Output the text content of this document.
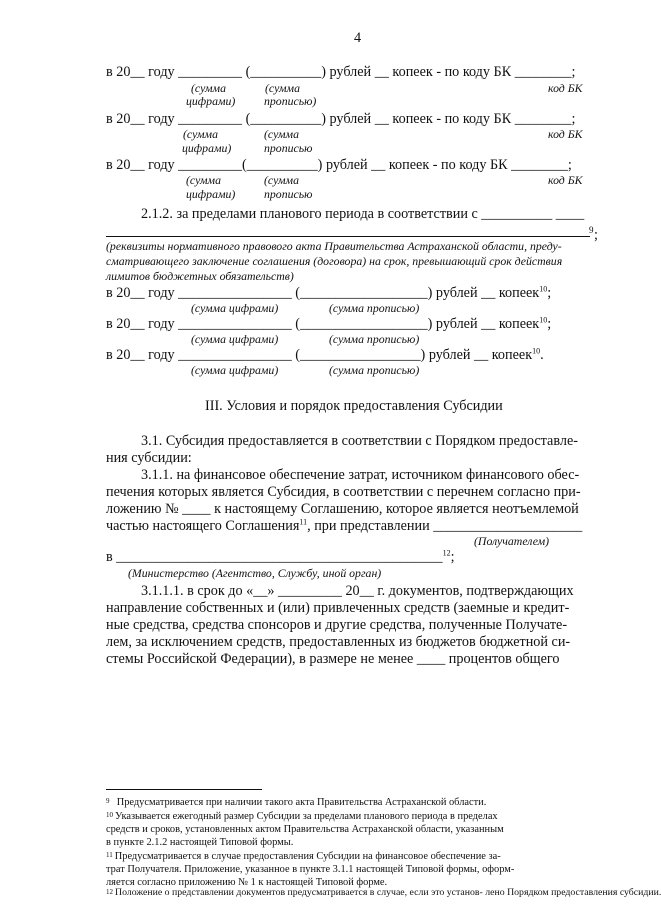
4
в 20__ году _________ (__________) рублей __ копеек - по коду БК ________;
(сумма
цифрами)
(сумма
прописью)
код БК
в 20__ году _________ (__________) рублей __ копеек - по коду БК ________;
(сумма
цифрами)
(сумма
прописью
код БК
в 20__ году _________(__________) рублей __ копеек - по коду БК ________;
(сумма
цифрами)
(сумма
прописью
код БК
2.1.2. за пределами планового периода в соответствии с __________ ____
9 ;
(реквизиты нормативного правового акта Правительства Астраханской области, преду-
сматривающего заключение соглашения (договора) на срок, превышающий срок действия
лимитов бюджетных обязательств)
в 20__ году ________________ (__________________) рублей __ копеек$^{10}$;
(сумма цифрами)	(сумма прописью)
в 20__ году ________________ (__________________) рублей __ копеек$^{10}$;
(сумма цифрами)	(сумма прописью)
в 20__ году ________________ (_________________) рублей __ копеек$^{10}$.
(сумма цифрами)	(сумма прописью)
III. Условия и порядок предоставления Субсидии
3.1. Субсидия предоставляется в соответствии с Порядком предоставле-
ния субсидии:
3.1.1. на финансовое обеспечение затрат, источником финансового обес-
печения которых является Субсидия, в соответствии с перечнем согласно при-
ложению № ____ к настоящему Соглашению, которое является неотъемлемой
частью настоящего Соглашения$^{11}$, при представлении _____________________
(Получателем)
в ______________________________________________$^{12}$;
(Министерство (Агентство, Службу, иной орган)
3.1.1.1. в срок до «__» _________ 20__ г. документов, подтверждающих
направление собственных и (или) привлеченных средств (заемные и кредит-
ные средства, средства спонсоров и другие средства, полученные Получате-
лем, за исключением средств, предоставленных из бюджетов бюджетной си-
стемы Российской Федерации), в размере не менее ____ процентов общего
$^9$ Предусматривается при наличии такого акта Правительства Астраханской области.
$^{10}$ Указывается ежегодный размер Субсидии за пределами планового периода в пределах
средств и сроков, установленных актом Правительства Астраханской области, указанным
в пункте 2.1.2 настоящей Типовой формы.
$^{11}$ Предусматривается в случае предоставления Субсидии на финансовое обеспечение за-
трат Получателя. Приложение, указанное в пункте 3.1.1 настоящей Типовой формы, оформ-
ляется согласно приложению № 1 к настоящей Типовой форме.
$^{12}$ Положение о представлении документов предусматривается в случае, если это установ- лено Порядком предоставления субсидии.
